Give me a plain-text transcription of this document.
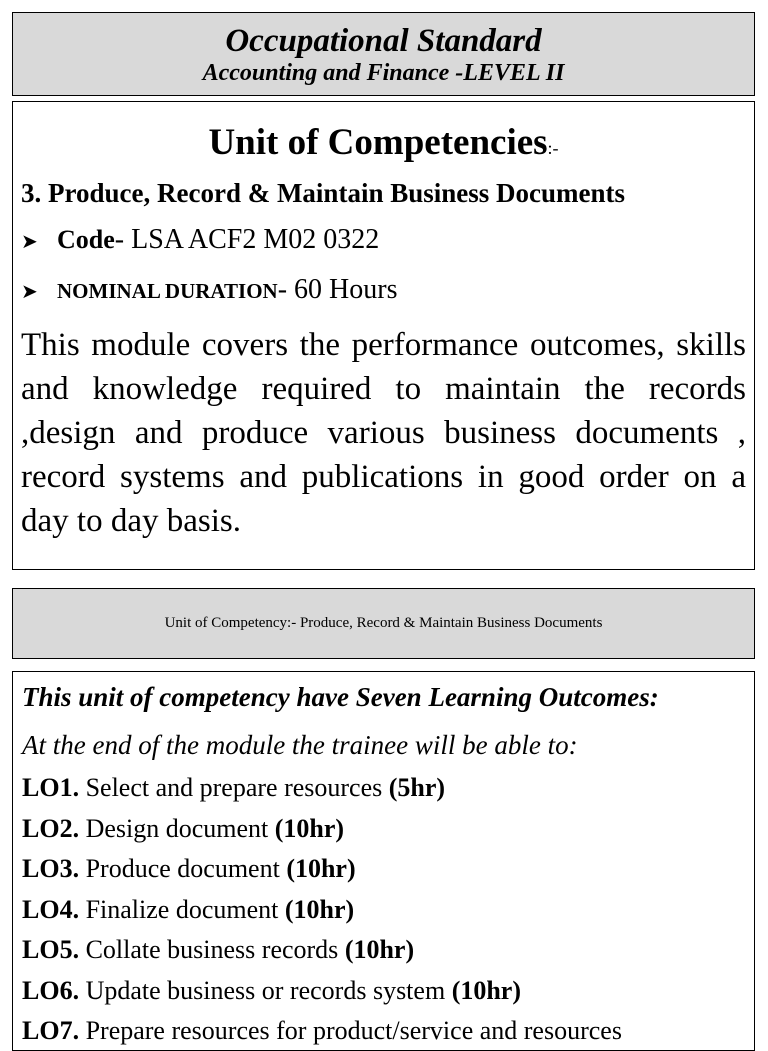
Occupational Standard
Accounting and Finance -LEVEL II
Unit of Competencies:-
3. Produce, Record & Maintain Business Documents
➤ Code- LSA ACF2 M02 0322
➤ NOMINAL DURATION- 60 Hours
This module covers the performance outcomes, skills and knowledge required to maintain the records ,design and produce various business documents , record systems and publications in good order on a day to day basis.
Unit of Competency:- Produce, Record & Maintain Business Documents
This unit of competency have Seven Learning Outcomes:
At the end of the module the trainee will be able to:
LO1. Select and prepare resources (5hr)
LO2. Design document (10hr)
LO3. Produce document (10hr)
LO4. Finalize document (10hr)
LO5. Collate business records (10hr)
LO6. Update business or records system (10hr)
LO7. Prepare resources for product/service and resources
